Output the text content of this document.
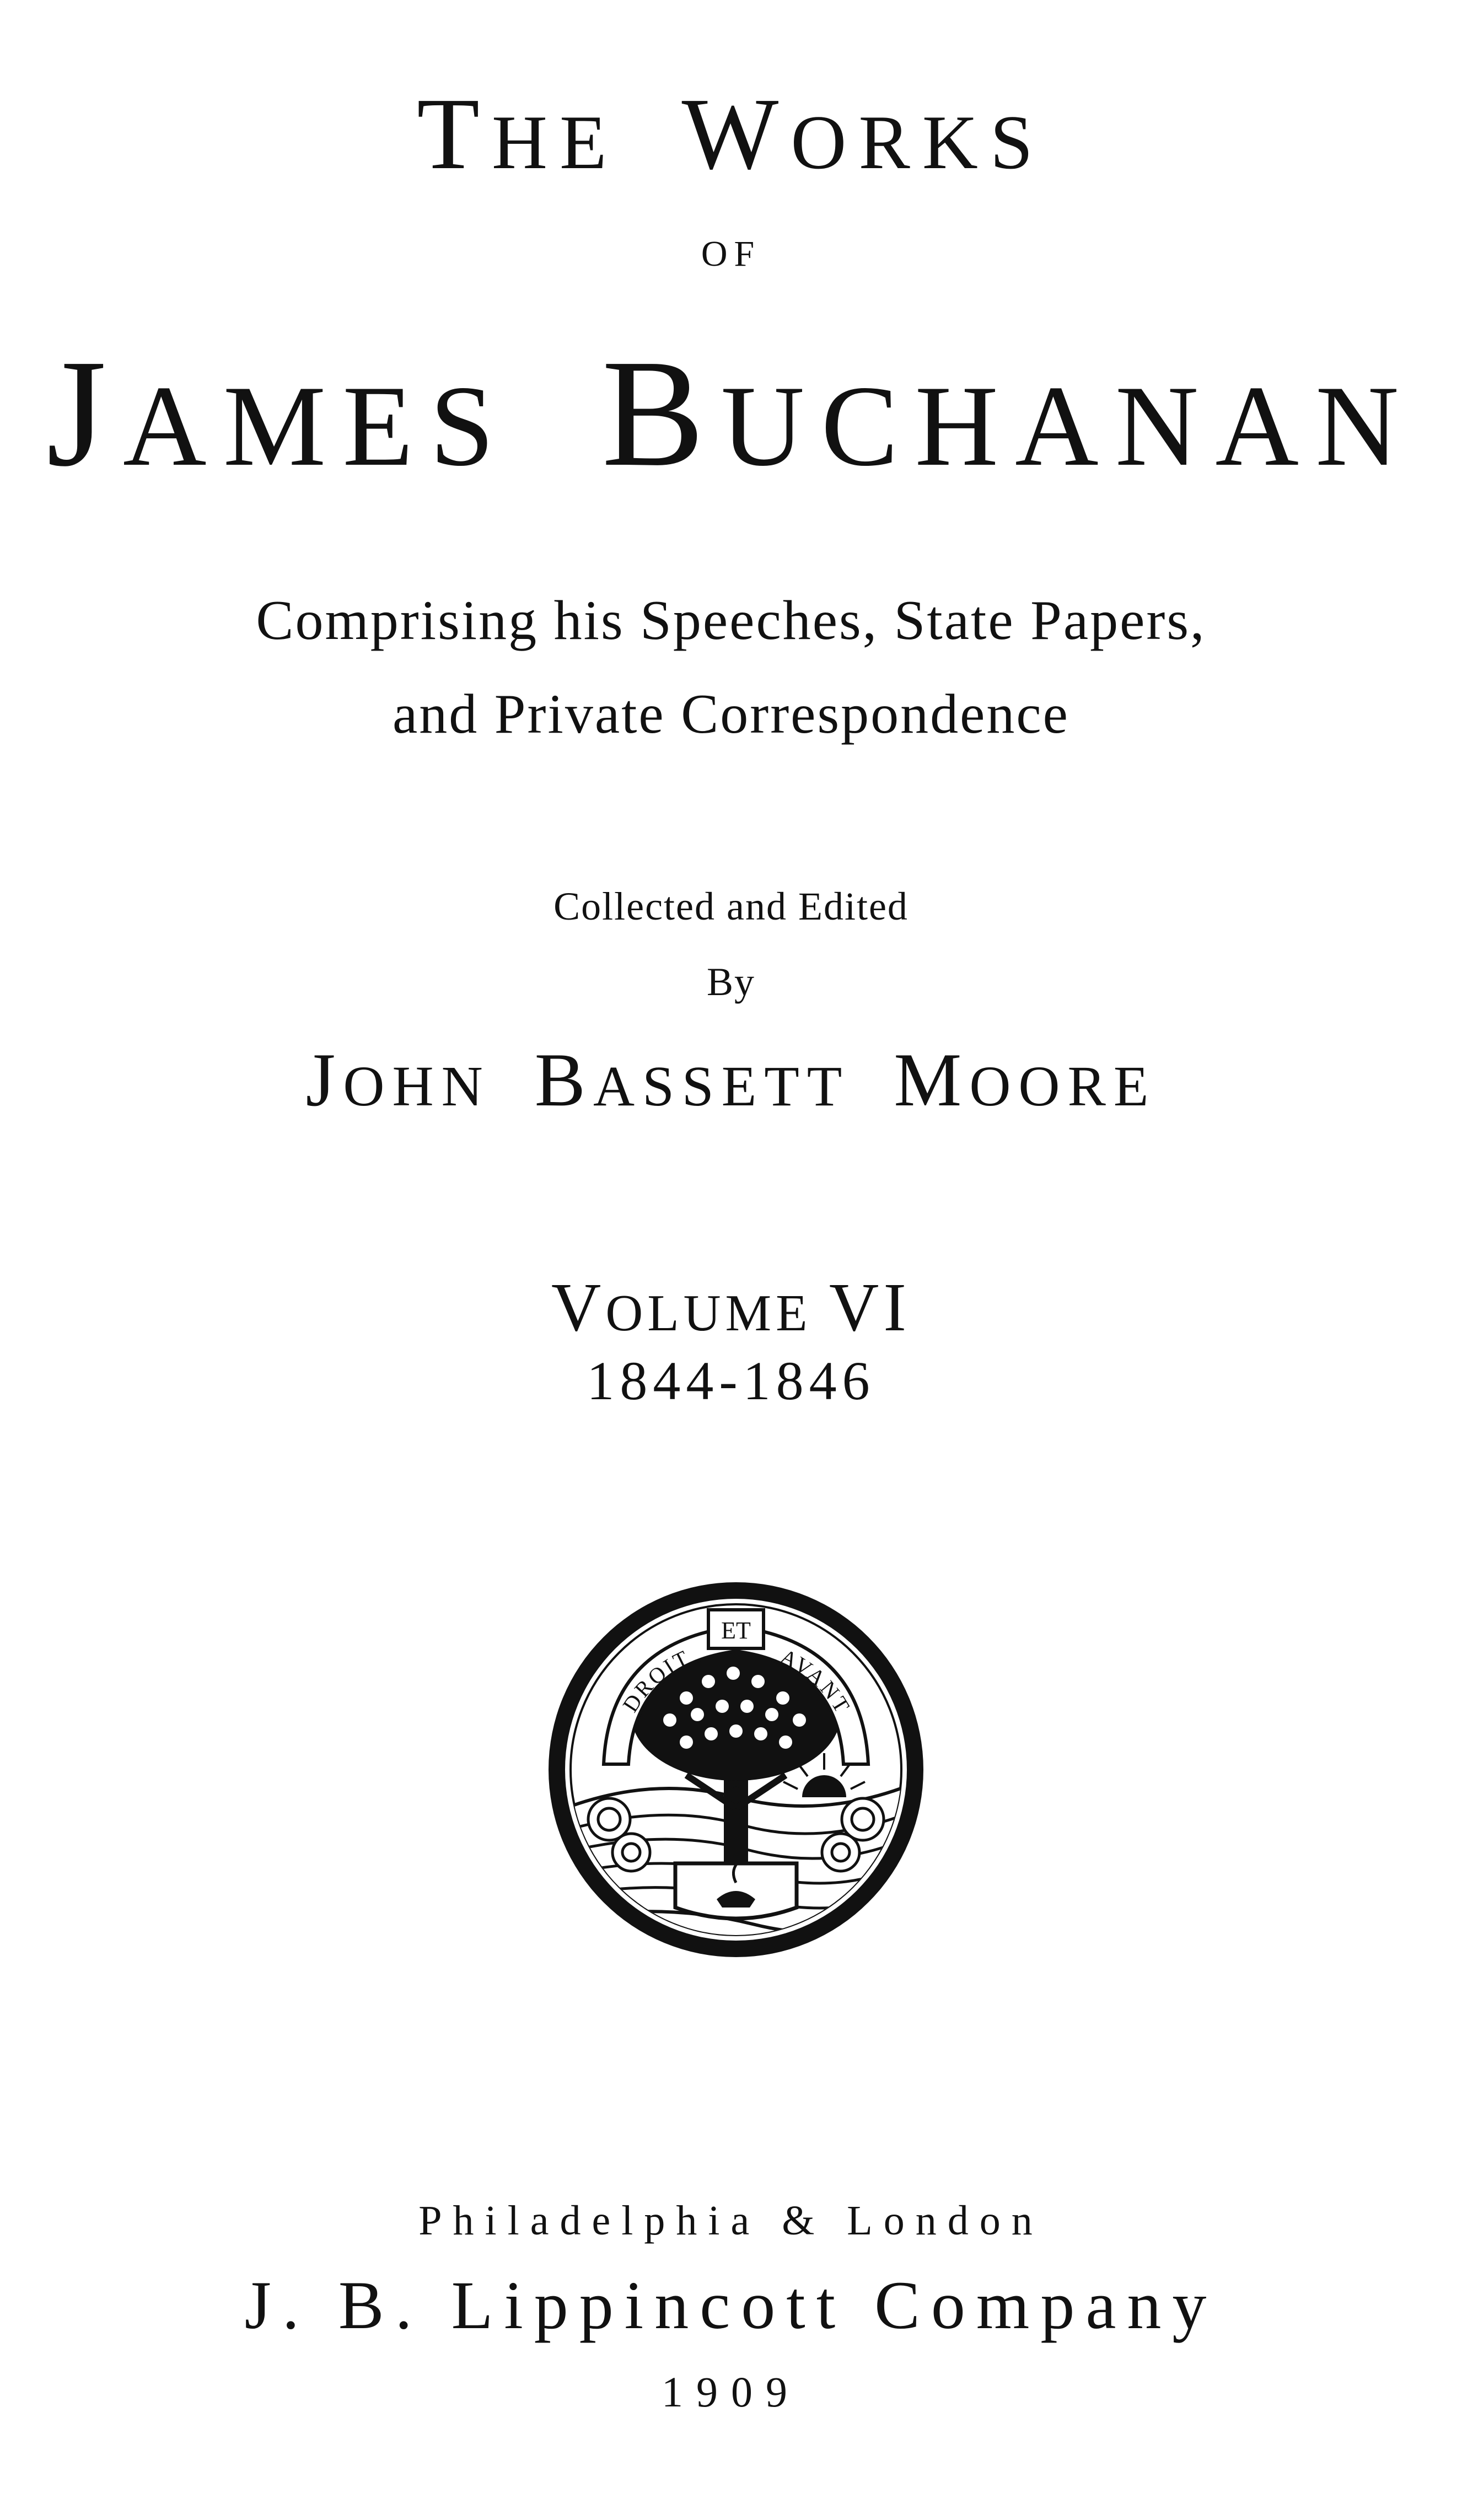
THE WORKS
OF
JAMES BUCHANAN
Comprising his Speeches, State Papers,
and Private Correspondence
Collected and Edited
By
JOHN BASSETT MOORE
VOLUME VI
1844-1846
DROIT
ET
AVANT
Philadelphia & London
J. B. Lippincott Company
1909
